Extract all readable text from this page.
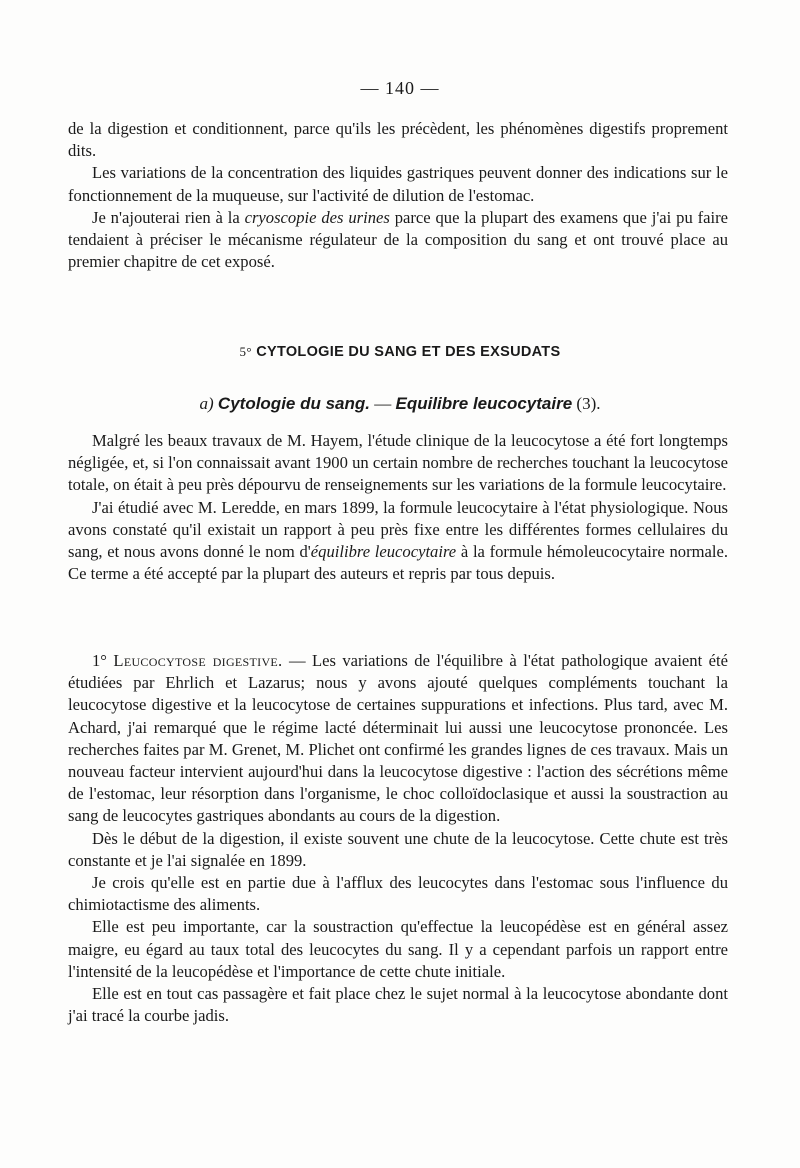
— 140 —

de la digestion et conditionnent, parce qu'ils les précèdent, les phénomènes digestifs proprement dits.

Les variations de la concentration des liquides gastriques peuvent donner des indications sur le fonctionnement de la muqueuse, sur l'activité de dilution de l'estomac.

Je n'ajouterai rien à la cryoscopie des urines parce que la plupart des examens que j'ai pu faire tendaient à préciser le mécanisme régulateur de la composition du sang et ont trouvé place au premier chapitre de cet exposé.

5° CYTOLOGIE DU SANG ET DES EXSUDATS
a) Cytologie du sang. — Equilibre leucocytaire (3).

Malgré les beaux travaux de M. Hayem, l'étude clinique de la leucocytose a été fort longtemps négligée, et, si l'on connaissait avant 1900 un certain nombre de recherches touchant la leucocytose totale, on était à peu près dépourvu de renseignements sur les variations de la formule leucocytaire.

J'ai étudié avec M. Leredde, en mars 1899, la formule leucocytaire à l'état physiologique. Nous avons constaté qu'il existait un rapport à peu près fixe entre les différentes formes cellulaires du sang, et nous avons donné le nom d'équilibre leucocytaire à la formule hémoleucocytaire normale. Ce terme a été accepté par la plupart des auteurs et repris par tous depuis.

1° Leucocytose digestive. — Les variations de l'équilibre à l'état pathologique avaient été étudiées par Ehrlich et Lazarus; nous y avons ajouté quelques compléments touchant la leucocytose digestive et la leucocytose de certaines suppurations et infections. Plus tard, avec M. Achard, j'ai remarqué que le régime lacté déterminait lui aussi une leucocytose prononcée. Les recherches faites par M. Grenet, M. Plichet ont confirmé les grandes lignes de ces travaux. Mais un nouveau facteur intervient aujourd'hui dans la leucocytose digestive : l'action des sécrétions même de l'estomac, leur résorption dans l'organisme, le choc colloïdoclasique et aussi la soustraction au sang de leucocytes gastriques abondants au cours de la digestion.

Dès le début de la digestion, il existe souvent une chute de la leucocytose. Cette chute est très constante et je l'ai signalée en 1899.

Je crois qu'elle est en partie due à l'afflux des leucocytes dans l'estomac sous l'influence du chimiotactisme des aliments.

Elle est peu importante, car la soustraction qu'effectue la leucopédèse est en général assez maigre, eu égard au taux total des leucocytes du sang. Il y a cependant parfois un rapport entre l'intensité de la leucopédèse et l'importance de cette chute initiale.

Elle est en tout cas passagère et fait place chez le sujet normal à la leucocytose abondante dont j'ai tracé la courbe jadis.
